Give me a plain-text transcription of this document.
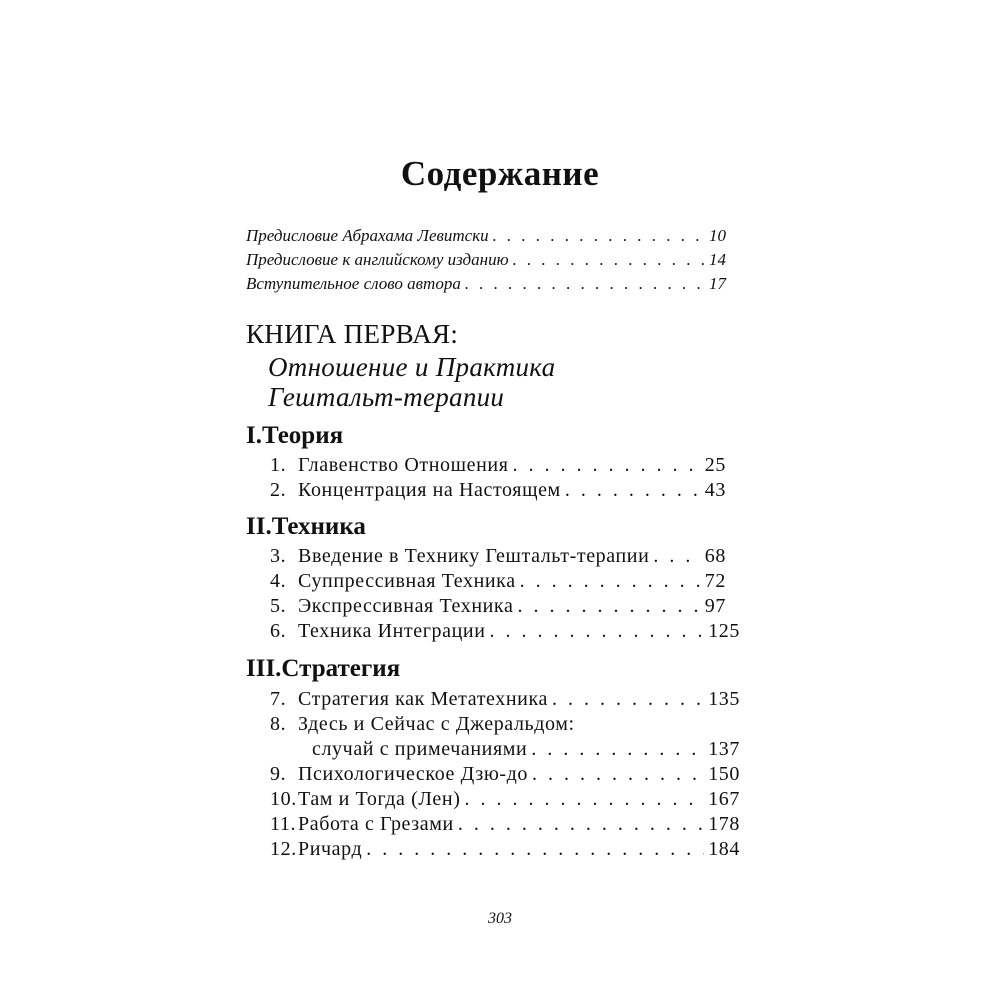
Содержание
Предисловие Абрахама Левитски . . .	10
Предисловие к английскому изданию . . .	14
Вступительное слово автора . . .	17
КНИГА ПЕРВАЯ:
Отношение и Практика
Гештальт-терапии
I.Теория
1. Главенство Отношения . . .	25
2. Концентрация на Настоящем . . .	43
II.Техника
3. Введение в Технику Гештальт-терапии . . .	68
4. Суппрессивная Техника . . .	72
5. Экспрессивная Техника . . .	97
6. Техника Интеграции . . .	125
III.Стратегия
7. Стратегия как Метатехника . . .	135
8. Здесь и Сейчас с Джеральдом:
случай с примечаниями . . .	137
9. Психологическое Дзю-до . . .	150
10.Там и Тогда (Лен) . . .	167
11.Работа с Грезами . . .	178
12.Ричард . . .	184
303
